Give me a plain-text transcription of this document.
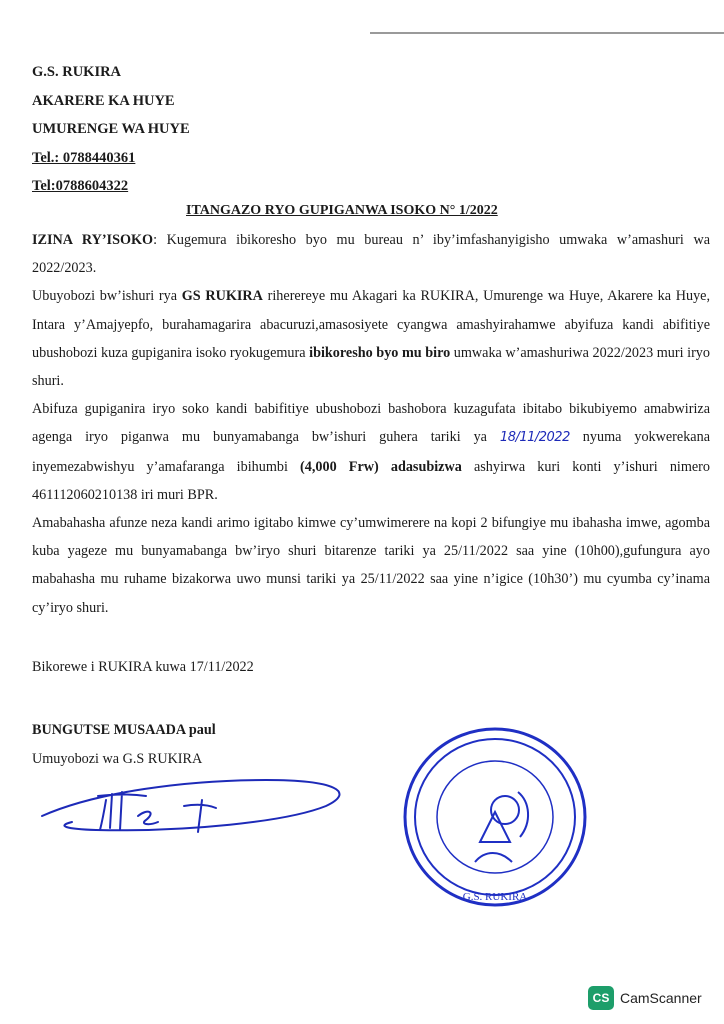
G.S. RUKIRA
AKARERE KA HUYE
UMURENGE WA HUYE
Tel.: 0788440361
Tel:0788604322
ITANGAZO RYO GUPIGANWA ISOKO N° 1/2022

IZINA RY’ISOKO: Kugemura ibikoresho byo mu bureau n’ iby’imfashanyigisho umwaka w’amashuri wa 2022/2023.

Ubuyobozi bw’ishuri rya GS RUKIRA riherereye mu Akagari ka RUKIRA, Umurenge wa Huye, Akarere ka Huye, Intara y’Amajyepfo, burahamagarira abacuruzi,amasosiyete cyangwa amashyirahamwe abyifuza kandi abifitiye ubushobozi kuza gupiganira isoko ryokugemura ibikoresho byo mu biro umwaka w’amashuriwa 2022/2023 muri iryo shuri.

Abifuza gupiganira iryo soko kandi babifitiye ubushobozi bashobora kuzagufata ibitabo bikubiyemo amabwiriza agenga iryo piganwa mu bunyamabanga bw’ishuri guhera tariki ya 18/11/2022 nyuma yokwerekana inyemezabwishyu y’amafaranga ibihumbi (4,000 Frw) adasubizwa ashyirwa kuri konti y’ishuri nimero 461112060210138 iri muri BPR.

Amabahasha afunze neza kandi arimo igitabo kimwe cy’umwimerere na kopi 2 bifungiye mu ibahasha imwe, agomba kuba yageze mu bunyamabanga bw’iryo shuri bitarenze tariki ya 25/11/2022 saa yine (10h00),gufungura ayo mabahasha mu ruhame bizakorwa uwo munsi tariki ya 25/11/2022 saa yine n’igice (10h30’) mu cyumba cy’inama cy’iryo shuri.

Bikorewe i RUKIRA kuwa 17/11/2022
BUNGUTSE MUSAADA paul
Umuyobozi wa G.S RUKIRA
G.S. RUKIRA
CS CamScanner
